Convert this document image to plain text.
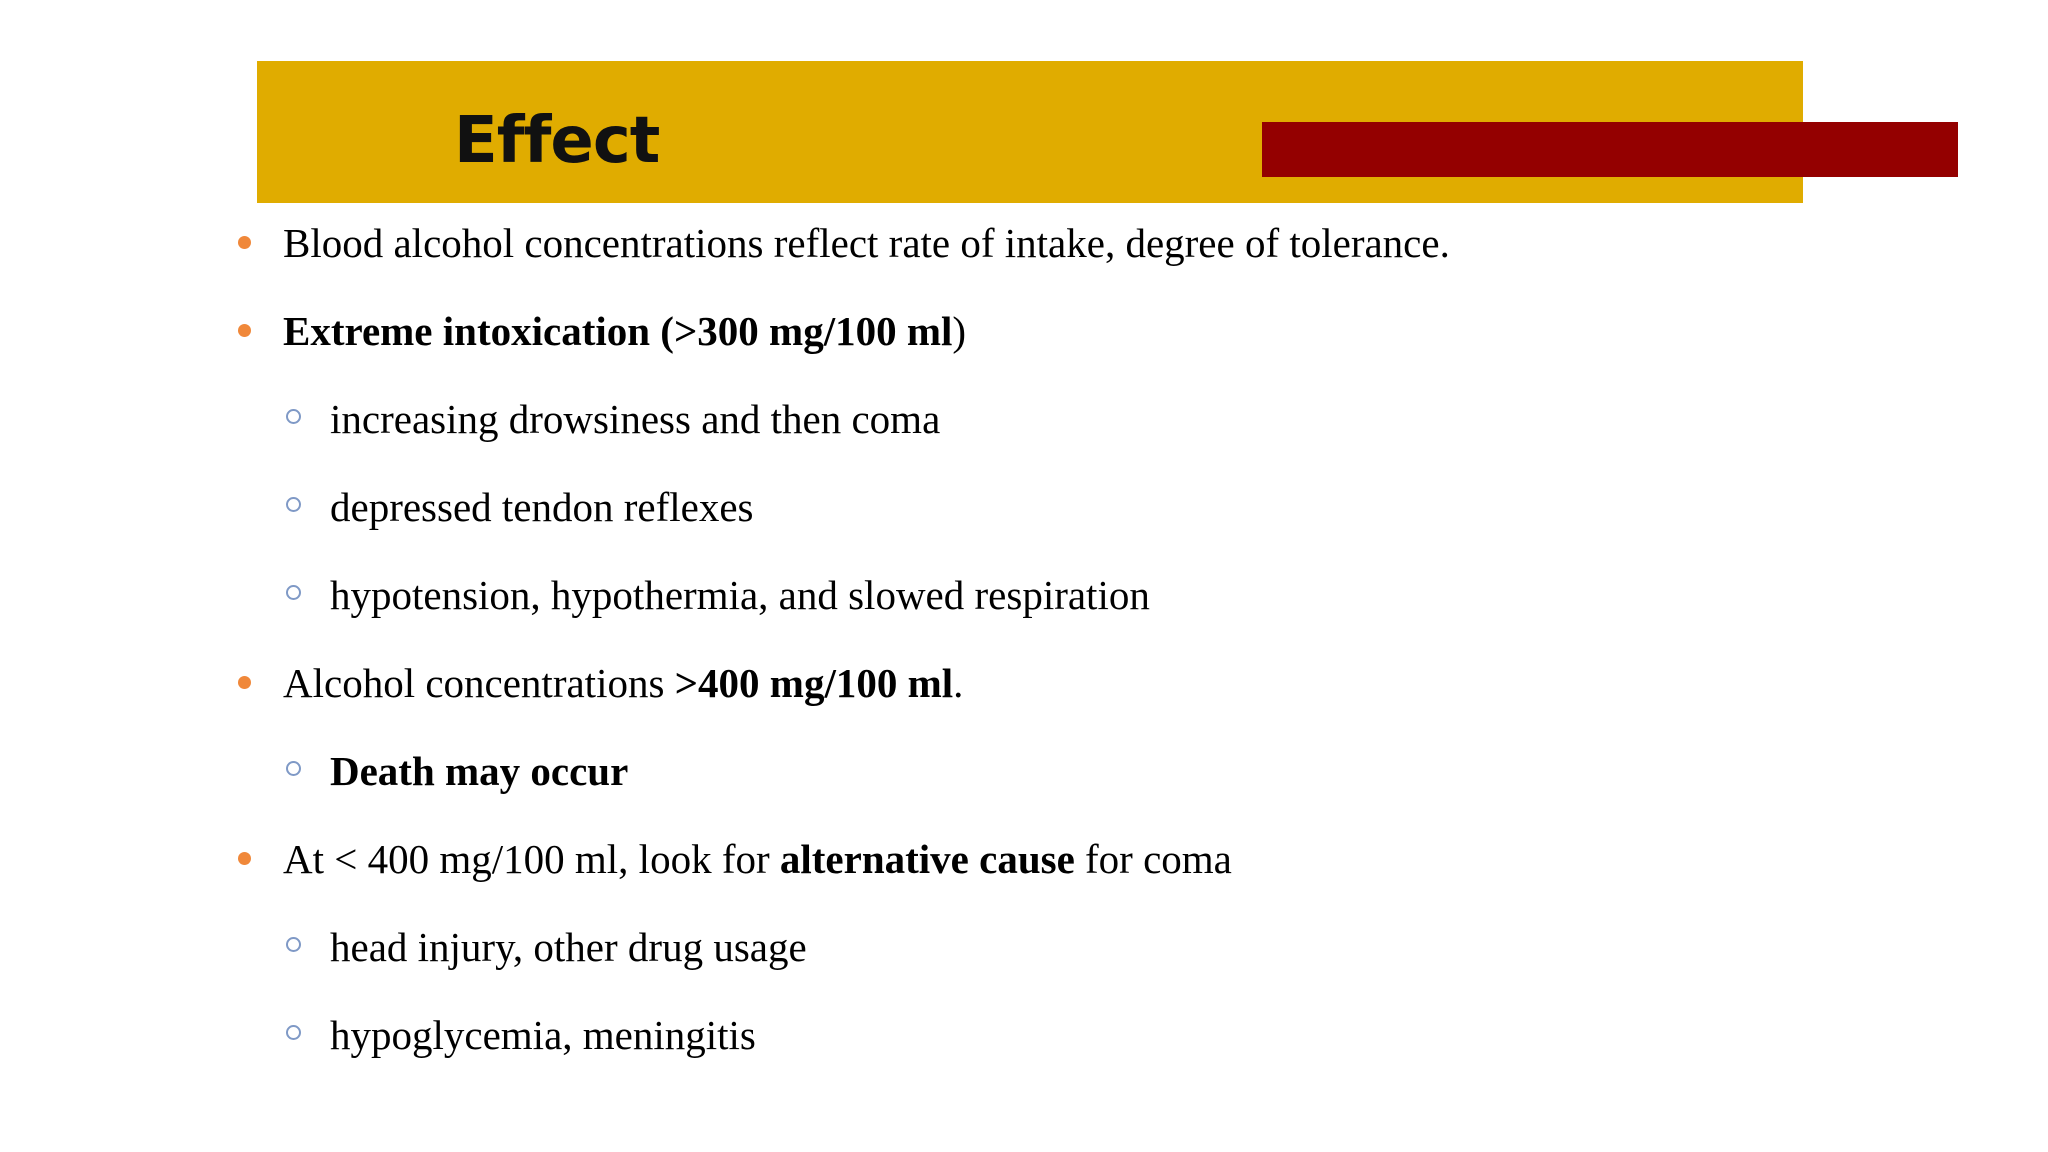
Effect
Blood alcohol concentrations reflect rate of intake, degree of tolerance.
Extreme intoxication (>300 mg/100 ml)
increasing drowsiness and then coma
depressed tendon reflexes
hypotension, hypothermia, and slowed respiration
Alcohol concentrations >400 mg/100 ml.
Death may occur
At < 400 mg/100 ml, look for alternative cause for coma
head injury, other drug usage
hypoglycemia, meningitis
